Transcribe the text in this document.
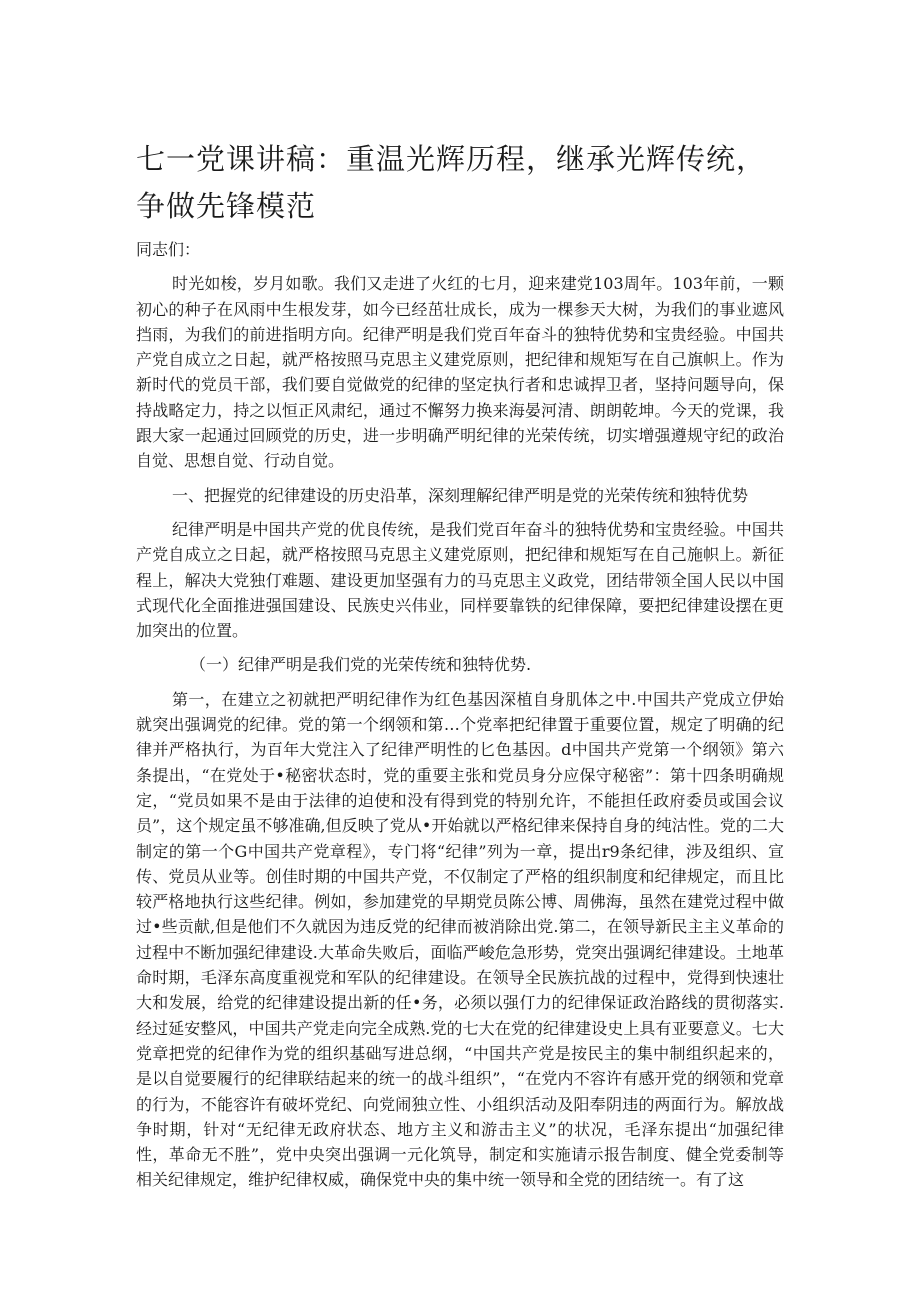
七一党课讲稿：重温光辉历程，继承光辉传统，争做先锋模范

同志们：

时光如梭，岁月如歌。我们又走进了火红的七月，迎来建党103周年。103年前，一颗初心的种子在风雨中生根发芽，如今已经茁壮成长，成为一棵参天大树，为我们的事业遮风挡雨，为我们的前进指明方向。纪律严明是我们党百年奋斗的独特优势和宝贵经验。中国共产党自成立之日起，就严格按照马克思主义建党原则，把纪律和规矩写在自己旗帜上。作为新时代的党员干部，我们要自觉做党的纪律的坚定执行者和忠诚捍卫者，坚持问题导向，保持战略定力，持之以恒正风肃纪，通过不懈努力换来海晏河清、朗朗乾坤。今天的党课，我跟大家一起通过回顾党的历史，进一步明确严明纪律的光荣传统，切实增强遵规守纪的政治自觉、思想自觉、行动自觉。

一、把握党的纪律建设的历史沿革，深刻理解纪律严明是党的光荣传统和独特优势

纪律严明是中国共产党的优良传统，是我们党百年奋斗的独特优势和宝贵经验。中国共产党自成立之日起，就严格按照马克思主义建党原则，把纪律和规矩写在自己施帜上。新征程上，解决大党独仃难题、建设更加坚强有力的马克思主义政党，团结带领全国人民以中国式现代化全面推进强国建设、民族史兴伟业，同样要靠铁的纪律保障，要把纪律建设摆在更加突出的位置。

（一）纪律严明是我们党的光荣传统和独特优势.

第一，在建立之初就把严明纪律作为红色基因深植自身肌体之中.中国共产党成立伊始就突出强调党的纪律。党的第一个纲领和第…个党率把纪律置于重要位置，规定了明确的纪律并严格执行，为百年大党注入了纪律严明性的匕色基因。d中国共产党第一个纲领》第六条提出，“在党处于•秘密状态时，党的重要主张和党员身分应保守秘密”：第十四条明确规定，“党员如果不是由于法律的迫使和没有得到党的特别允许，不能担任政府委员或国会议员”，这个规定虽不够准确,但反映了党从•开始就以严格纪律来保持自身的纯沽性。党的二大制定的第一个G中国共产党章程》，专门将“纪律”列为一章，提出r9条纪律，涉及组织、宣传、党员从业等。创佳时期的中国共产党，不仅制定了严格的组织制度和纪律规定，而且比较严格地执行这些纪律。例如，参加建党的早期党员陈公博、周佛海，虽然在建党过程中做过•些贡献,但是他们不久就因为违反党的纪律而被消除出党.第二，在领导新民主主义革命的过程中不断加强纪律建设.大革命失败后，面临严峻危急形势，党突出强调纪律建设。土地革命时期，毛泽东高度重视党和军队的纪律建设。在领导全民族抗战的过程中，党得到快速壮大和发展，给党的纪律建设提出新的任•务，必须以强仃力的纪律保证政治路线的贯彻落实.经过延安整风，中国共产党走向完全成熟.党的七大在党的纪律建设史上具有亚要意义。七大党章把党的纪律作为党的组织基础写进总纲，“中国共产党是按民主的集中制组织起来的，是以自觉要履行的纪律联结起来的统一的战斗组织”，“在党内不容许有感开党的纲领和党章的行为，不能容许有破坏党纪、向党闹独立性、小组织活动及阳奉阴违的两面行为。解放战争时期，针对“无纪律无政府状态、地方主义和游击主义”的状况，毛泽东提出“加强纪律性，革命无不胜”，党中央突出强调一元化筑导，制定和实施请示报告制度、健全党委制等相关纪律规定，维护纪律权威，确保党中央的集中统一领导和全党的团结统一。有了这
